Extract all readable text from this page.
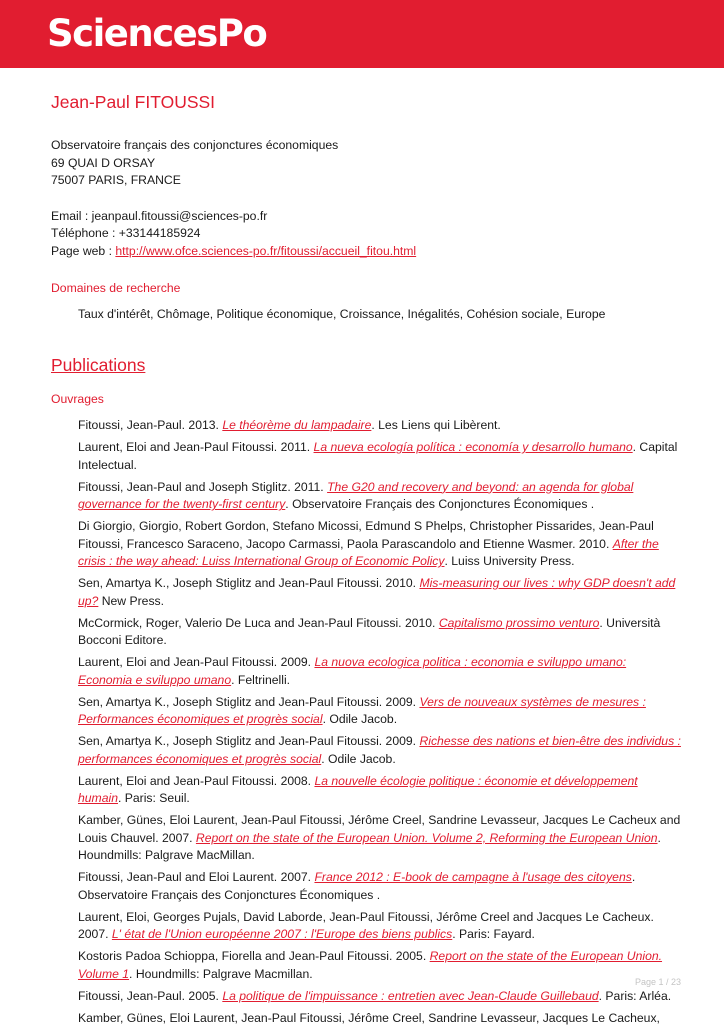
SciencesPo
Jean-Paul FITOUSSI

Observatoire français des conjonctures économiques

69 QUAI D ORSAY

75007 PARIS, FRANCE

Email : jeanpaul.fitoussi@sciences-po.fr

Téléphone : +33144185924

Page web : http://www.ofce.sciences-po.fr/fitoussi/accueil_fitou.html

Domaines de recherche

Taux d'intérêt, Chômage, Politique économique, Croissance, Inégalités, Cohésion sociale, Europe

Publications
Ouvrages

Fitoussi, Jean-Paul. 2013. Le théorème du lampadaire. Les Liens qui Libèrent.

Laurent, Eloi and Jean-Paul Fitoussi. 2011. La nueva ecología política : economía y desarrollo humano. Capital Intelectual.

Fitoussi, Jean-Paul and Joseph Stiglitz. 2011. The G20 and recovery and beyond: an agenda for global governance for the twenty-first century. Observatoire Français des Conjonctures Économiques .

Di Giorgio, Giorgio, Robert Gordon, Stefano Micossi, Edmund S Phelps, Christopher Pissarides, Jean-Paul Fitoussi, Francesco Saraceno, Jacopo Carmassi, Paola Parascandolo and Etienne Wasmer. 2010. After the crisis : the way ahead: Luiss International Group of Economic Policy. Luiss University Press.

Sen, Amartya K., Joseph Stiglitz and Jean-Paul Fitoussi. 2010. Mis-measuring our lives : why GDP doesn't add up? New Press.

McCormick, Roger, Valerio De Luca and Jean-Paul Fitoussi. 2010. Capitalismo prossimo venturo. Università Bocconi Editore.

Laurent, Eloi and Jean-Paul Fitoussi. 2009. La nuova ecologica politica : economia e sviluppo umano: Economia e sviluppo umano. Feltrinelli.

Sen, Amartya K., Joseph Stiglitz and Jean-Paul Fitoussi. 2009. Vers de nouveaux systèmes de mesures : Performances économiques et progrès social. Odile Jacob.

Sen, Amartya K., Joseph Stiglitz and Jean-Paul Fitoussi. 2009. Richesse des nations et bien-être des individus : performances économiques et progrès social. Odile Jacob.

Laurent, Eloi and Jean-Paul Fitoussi. 2008. La nouvelle écologie politique : économie et développement humain. Paris: Seuil.

Kamber, Günes, Eloi Laurent, Jean-Paul Fitoussi, Jérôme Creel, Sandrine Levasseur, Jacques Le Cacheux and Louis Chauvel. 2007. Report on the state of the European Union. Volume 2, Reforming the European Union. Houndmills: Palgrave MacMillan.

Fitoussi, Jean-Paul and Eloi Laurent. 2007. France 2012 : E-book de campagne à l'usage des citoyens. Observatoire Français des Conjonctures Économiques .

Laurent, Eloi, Georges Pujals, David Laborde, Jean-Paul Fitoussi, Jérôme Creel and Jacques Le Cacheux. 2007. L' état de l'Union européenne 2007 : l'Europe des biens publics. Paris: Fayard.

Kostoris Padoa Schioppa, Fiorella and Jean-Paul Fitoussi. 2005. Report on the state of the European Union. Volume 1. Houndmills: Palgrave Macmillan.

Fitoussi, Jean-Paul. 2005. La politique de l'impuissance : entretien avec Jean-Claude Guillebaud. Paris: Arléa.

Kamber, Günes, Eloi Laurent, Jean-Paul Fitoussi, Jérôme Creel, Sandrine Levasseur, Jacques Le Cacheux,

Page 1 / 23
